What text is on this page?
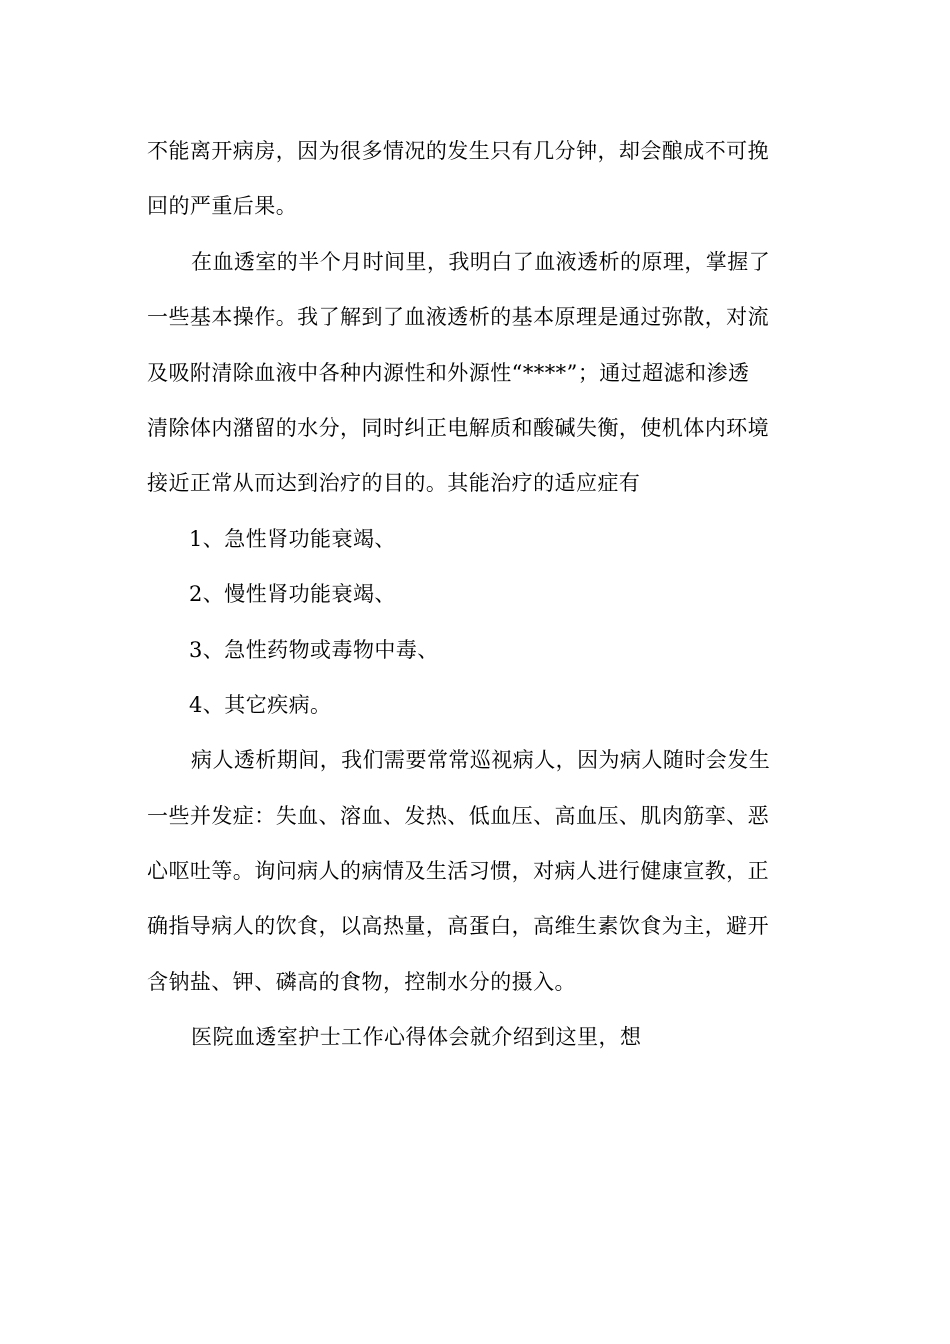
不能离开病房，因为很多情况的发生只有几分钟，却会酿成不可挽
回的严重后果。
在血透室的半个月时间里，我明白了血液透析的原理，掌握了
一些基本操作。我了解到了血液透析的基本原理是通过弥散，对流
及吸附清除血液中各种内源性和外源性“****”；通过超滤和渗透
清除体内潴留的水分，同时纠正电解质和酸碱失衡，使机体内环境
接近正常从而达到治疗的目的。其能治疗的适应症有
1、急性肾功能衰竭、
2、慢性肾功能衰竭、
3、急性药物或毒物中毒、
4、其它疾病。
病人透析期间，我们需要常常巡视病人，因为病人随时会发生
一些并发症：失血、溶血、发热、低血压、高血压、肌肉筋挛、恶
心呕吐等。询问病人的病情及生活习惯，对病人进行健康宣教，正
确指导病人的饮食，以高热量，高蛋白，高维生素饮食为主，避开
含钠盐、钾、磷高的食物，控制水分的摄入。
医院血透室护士工作心得体会就介绍到这里，想
